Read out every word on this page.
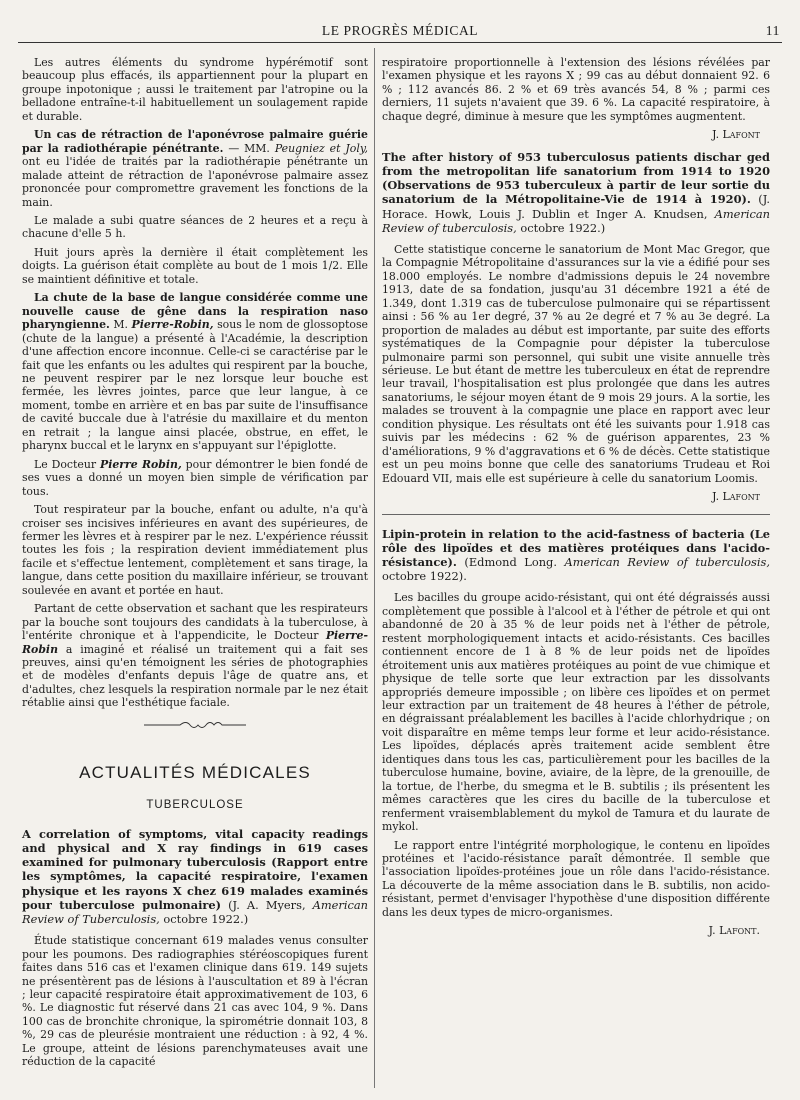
LE PROGRÈS MÉDICAL	11

Les autres éléments du syndrome hypérémotif sont beaucoup plus effacés, ils appartiennent pour la plupart en groupe inpotonique ; aussi le traitement par l'atropine ou la belladone entraîne-t-il habituellement un soulagement rapide et durable.

Un cas de rétraction de l'aponévrose palmaire guérie par la radiothérapie pénétrante. — MM. Peugniez et Joly, ont eu l'idée de traités par la radiothérapie pénétrante un malade atteint de rétraction de l'aponévrose palmaire assez prononcée pour compromettre gravement les fonctions de la main.

Le malade a subi quatre séances de 2 heures et a reçu à chacune d'elle 5 h.

Huit jours après la dernière il était complètement les doigts. La guérison était complète au bout de 1 mois 1/2. Elle se maintient définitive et totale.

La chute de la base de langue considérée comme une nouvelle cause de gêne dans la respiration naso pharyngienne. M. Pierre-Robin, sous le nom de glossoptose (chute de la langue) a présenté à l'Académie, la description d'une affection encore inconnue. Celle-ci se caractérise par le fait que les enfants ou les adultes qui respirent par la bouche, ne peuvent respirer par le nez lorsque leur bouche est fermée, les lèvres jointes, parce que leur langue, à ce moment, tombe en arrière et en bas par suite de l'insuffisance de cavité buccale due à l'atrésie du maxillaire et du menton en retrait ; la langue ainsi placée, obstrue, en effet, le pharynx buccal et le larynx en s'appuyant sur l'épiglotte.

Le Docteur Pierre Robin, pour démontrer le bien fondé de ses vues a donné un moyen bien simple de vérification par tous.

Tout respirateur par la bouche, enfant ou adulte, n'a qu'à croiser ses incisives inférieures en avant des supérieures, de fermer les lèvres et à respirer par le nez. L'expérience réussit toutes les fois ; la respiration devient immédiatement plus facile et s'effectue lentement, complètement et sans tirage, la langue, dans cette position du maxillaire inférieur, se trouvant soulevée en avant et portée en haut.

Partant de cette observation et sachant que les respirateurs par la bouche sont toujours des candidats à la tuberculose, à l'entérite chronique et à l'appendicite, le Docteur Pierre-Robin a imaginé et réalisé un traitement qui a fait ses preuves, ainsi qu'en témoignent les séries de photographies et de modèles d'enfants depuis l'âge de quatre ans, et d'adultes, chez lesquels la respiration normale par le nez était rétablie ainsi que l'esthétique faciale.

ACTUALITÉS MÉDICALES
TUBERCULOSE

A correlation of symptoms, vital capacity readings and physical and X ray findings in 619 cases examined for pulmonary tuberculosis (Rapport entre les symptômes, la capacité respiratoire, l'examen physique et les rayons X chez 619 malades examinés pour tuberculose pulmonaire) (J. A. Myers, American Review of Tuberculosis, octobre 1922.)

Étude statistique concernant 619 malades venus consulter pour les poumons. Des radiographies stéréoscopiques furent faites dans 516 cas et l'examen clinique dans 619. 149 sujets ne présentèrent pas de lésions à l'auscultation et 89 à l'écran ; leur capacité respiratoire était approximativement de 103, 6 %. Le diagnostic fut réservé dans 21 cas avec 104, 9 %. Dans 100 cas de bronchite chronique, la spirométrie donnait 103, 8 %, 29 cas de pleurésie montraient une réduction : à 92, 4 %. Le groupe, atteint de lésions parenchymateuses avait une réduction de la capacité

respiratoire proportionnelle à l'extension des lésions révélées par l'examen physique et les rayons X ; 99 cas au début donnaient 92. 6 % ; 112 avancés 86. 2 % et 69 très avancés 54, 8 % ; parmi ces derniers, 11 sujets n'avaient que 39. 6 %. La capacité respiratoire, à chaque degré, diminue à mesure que les symptômes augmentent.

J. Lafont

The after history of 953 tuberculosus patients dischar ged from the metropolitan life sanatorium from 1914 to 1920 (Observations de 953 tuberculeux à partir de leur sortie du sanatorium de la Métropolitaine-Vie de 1914 à 1920). (J. Horace. Howk, Louis J. Dublin et Inger A. Knudsen, American Review of tuberculosis, octobre 1922.)

Cette statistique concerne le sanatorium de Mont Mac Gregor, que la Compagnie Métropolitaine d'assurances sur la vie a édifié pour ses 18.000 employés. Le nombre d'admissions depuis le 24 novembre 1913, date de sa fondation, jusqu'au 31 décembre 1921 a été de 1.349, dont 1.319 cas de tuberculose pulmonaire qui se répartissent ainsi : 56 % au 1er degré, 37 % au 2e degré et 7 % au 3e degré. La proportion de malades au début est importante, par suite des efforts systématiques de la Compagnie pour dépister la tuberculose pulmonaire parmi son personnel, qui subit une visite annuelle très sérieuse. Le but étant de mettre les tuberculeux en état de reprendre leur travail, l'hospitalisation est plus prolongée que dans les autres sanatoriums, le séjour moyen étant de 9 mois 29 jours. A la sortie, les malades se trouvent à la compagnie une place en rapport avec leur condition physique. Les résultats ont été les suivants pour 1.918 cas suivis par les médecins : 62 % de guérison apparentes, 23 % d'améliorations, 9 % d'aggravations et 6 % de décès. Cette statistique est un peu moins bonne que celle des sanatoriums Trudeau et Roi Edouard VII, mais elle est supérieure à celle du sanatorium Loomis.

J. Lafont

Lipin-protein in relation to the acid-fastness of bacteria (Le rôle des lipoïdes et des matières protéiques dans l'acido-résistance). (Edmond Long. American Review of tuberculosis, octobre 1922).

Les bacilles du groupe acido-résistant, qui ont été dégraissés aussi complètement que possible à l'alcool et à l'éther de pétrole et qui ont abandonné de 20 à 35 % de leur poids net à l'éther de pétrole, restent morphologiquement intacts et acido-résistants. Ces bacilles contiennent encore de 1 à 8 % de leur poids net de lipoïdes étroitement unis aux matières protéiques au point de vue chimique et physique de telle sorte que leur extraction par les dissolvants appropriés demeure impossible ; on libère ces lipoïdes et on permet leur extraction par un traitement de 48 heures à l'éther de pétrole, en dégraissant préalablement les bacilles à l'acide chlorhydrique ; on voit disparaître en même temps leur forme et leur acido-résistance. Les lipoïdes, déplacés après traitement acide semblent être identiques dans tous les cas, particulièrement pour les bacilles de la tuberculose humaine, bovine, aviaire, de la lèpre, de la grenouille, de la tortue, de l'herbe, du smegma et le B. subtilis ; ils présentent les mêmes caractères que les cires du bacille de la tuberculose et renferment vraisemblablement du mykol de Tamura et du laurate de mykol.

Le rapport entre l'intégrité morphologique, le contenu en lipoïdes protéines et l'acido-résistance paraît démontrée. Il semble que l'association lipoïdes-protéines joue un rôle dans l'acido-résistance. La découverte de la même association dans le B. subtilis, non acido-résistant, permet d'envisager l'hypothèse d'une disposition différente dans les deux types de micro-organismes.

J. Lafont.
